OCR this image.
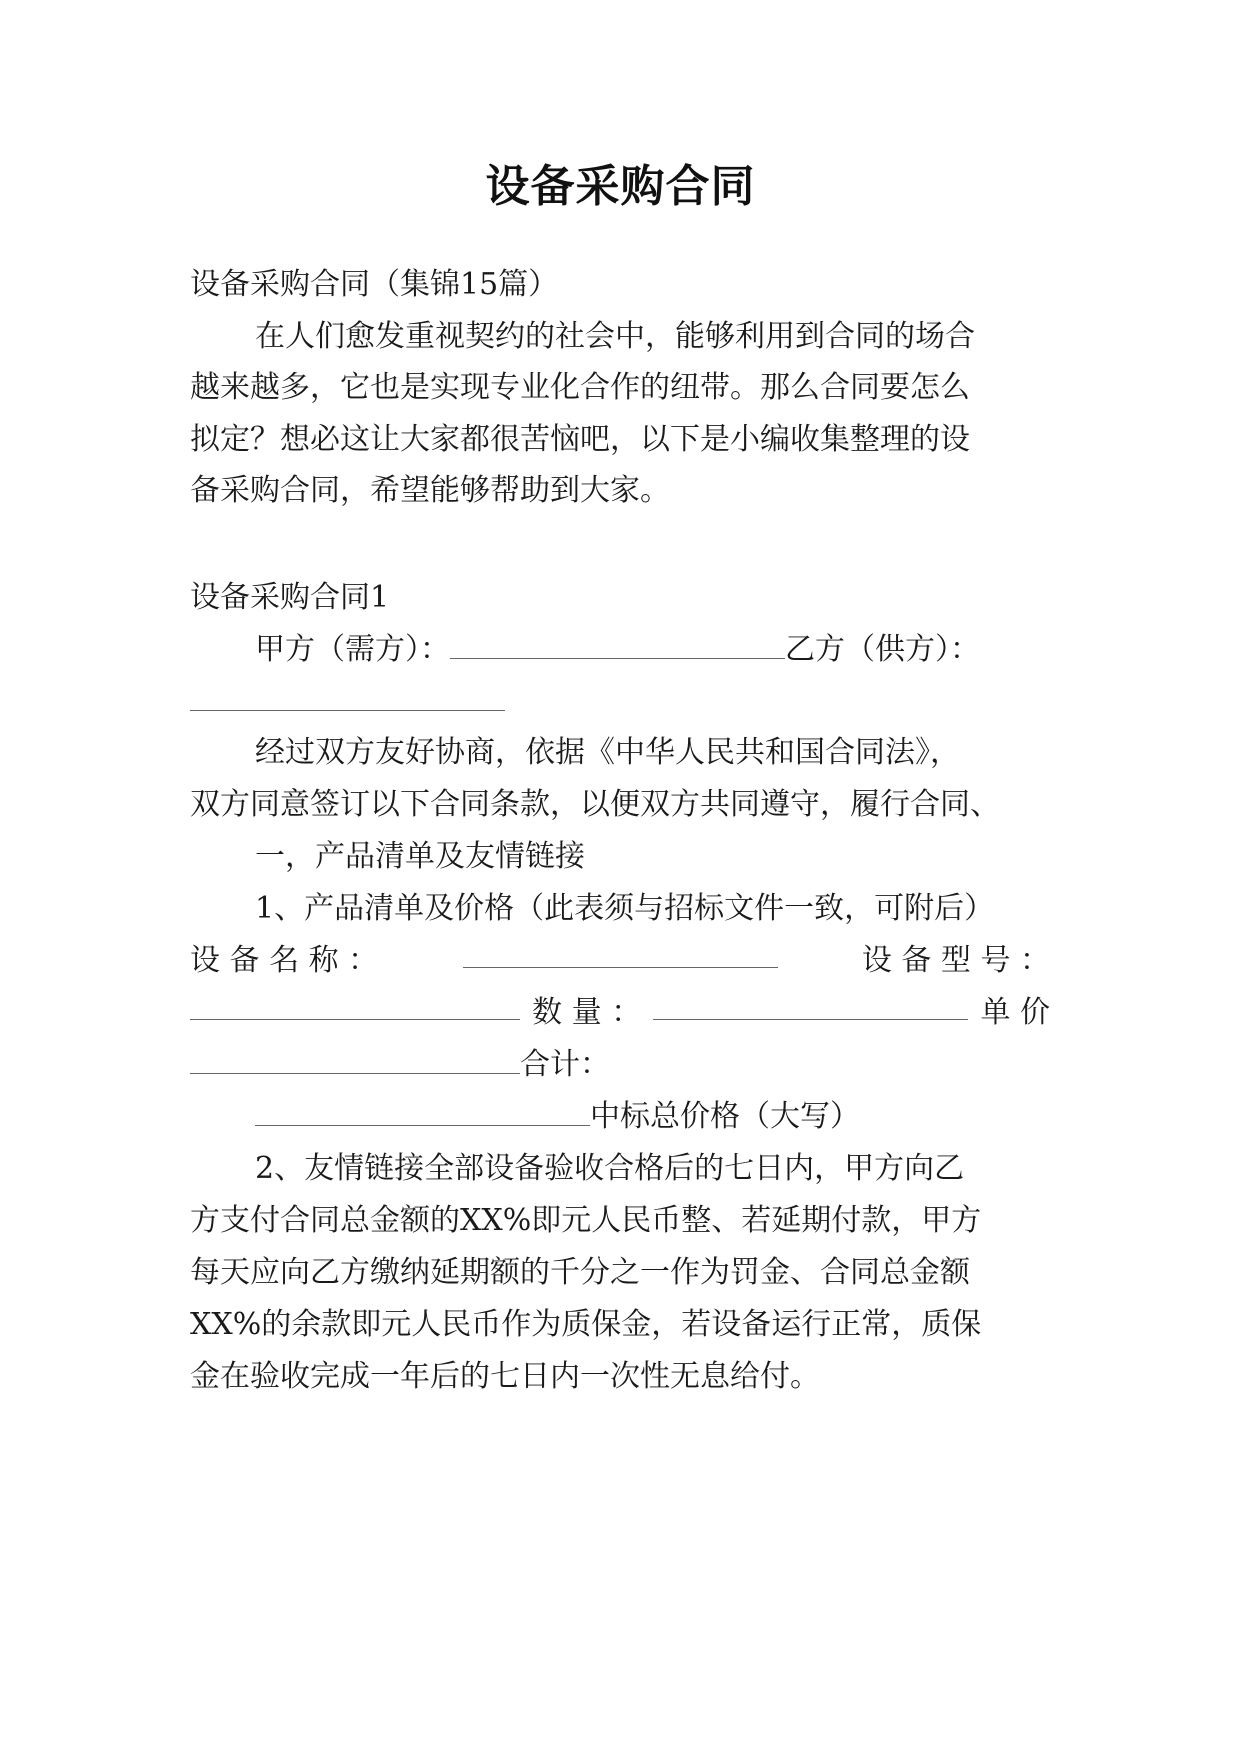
设备采购合同
设备采购合同（集锦15篇）
在人们愈发重视契约的社会中，能够利用到合同的场合
越来越多，它也是实现专业化合作的纽带。那么合同要怎么
拟定？想必这让大家都很苦恼吧，以下是小编收集整理的设
备采购合同，希望能够帮助到大家。
设备采购合同1
甲方（需方）：	乙方（供方）：
经过双方友好协商，依据《中华人民共和国合同法》，
双方同意签订以下合同条款，以便双方共同遵守，履行合同、
一，产品清单及友情链接
1、产品清单及价格（此表须与招标文件一致，可附后）
设 备 名 称 ：	设 备 型 号 ：
数 量 ：	单 价
合计：
中标总价格（大写）
2、友情链接全部设备验收合格后的七日内，甲方向乙
方支付合同总金额的XX%即元人民币整、若延期付款，甲方
每天应向乙方缴纳延期额的千分之一作为罚金、合同总金额
XX%的余款即元人民币作为质保金，若设备运行正常，质保
金在验收完成一年后的七日内一次性无息给付。
